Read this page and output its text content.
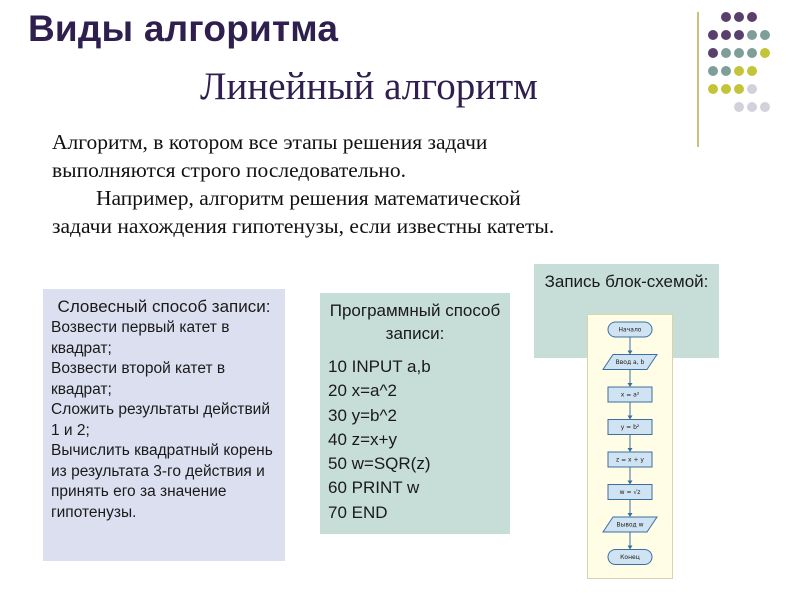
Виды алгоритма
Линейный алгоритм

Алгоритм, в котором все этапы решения задачи

выполняются строго последовательно.

Например, алгоритм решения математической

задачи нахождения гипотенузы, если известны катеты.

Словесный способ записи:
Возвести первый катет в квадрат;
Возвести второй катет в квадрат;
Сложить результаты действий 1 и 2;
Вычислить квадратный корень из результата 3-го действия и принять его за значение гипотенузы.
Программный способ записи:
10 INPUT a,b
20 x=a^2
30 y=b^2
40 z=x+y
50 w=SQR(z)
60 PRINT w
70 END
Запись блок-схемой:
Начало
Ввод a, b
x = a²
y = b²
z = x + y
w = √z
Вывод w
Конец
